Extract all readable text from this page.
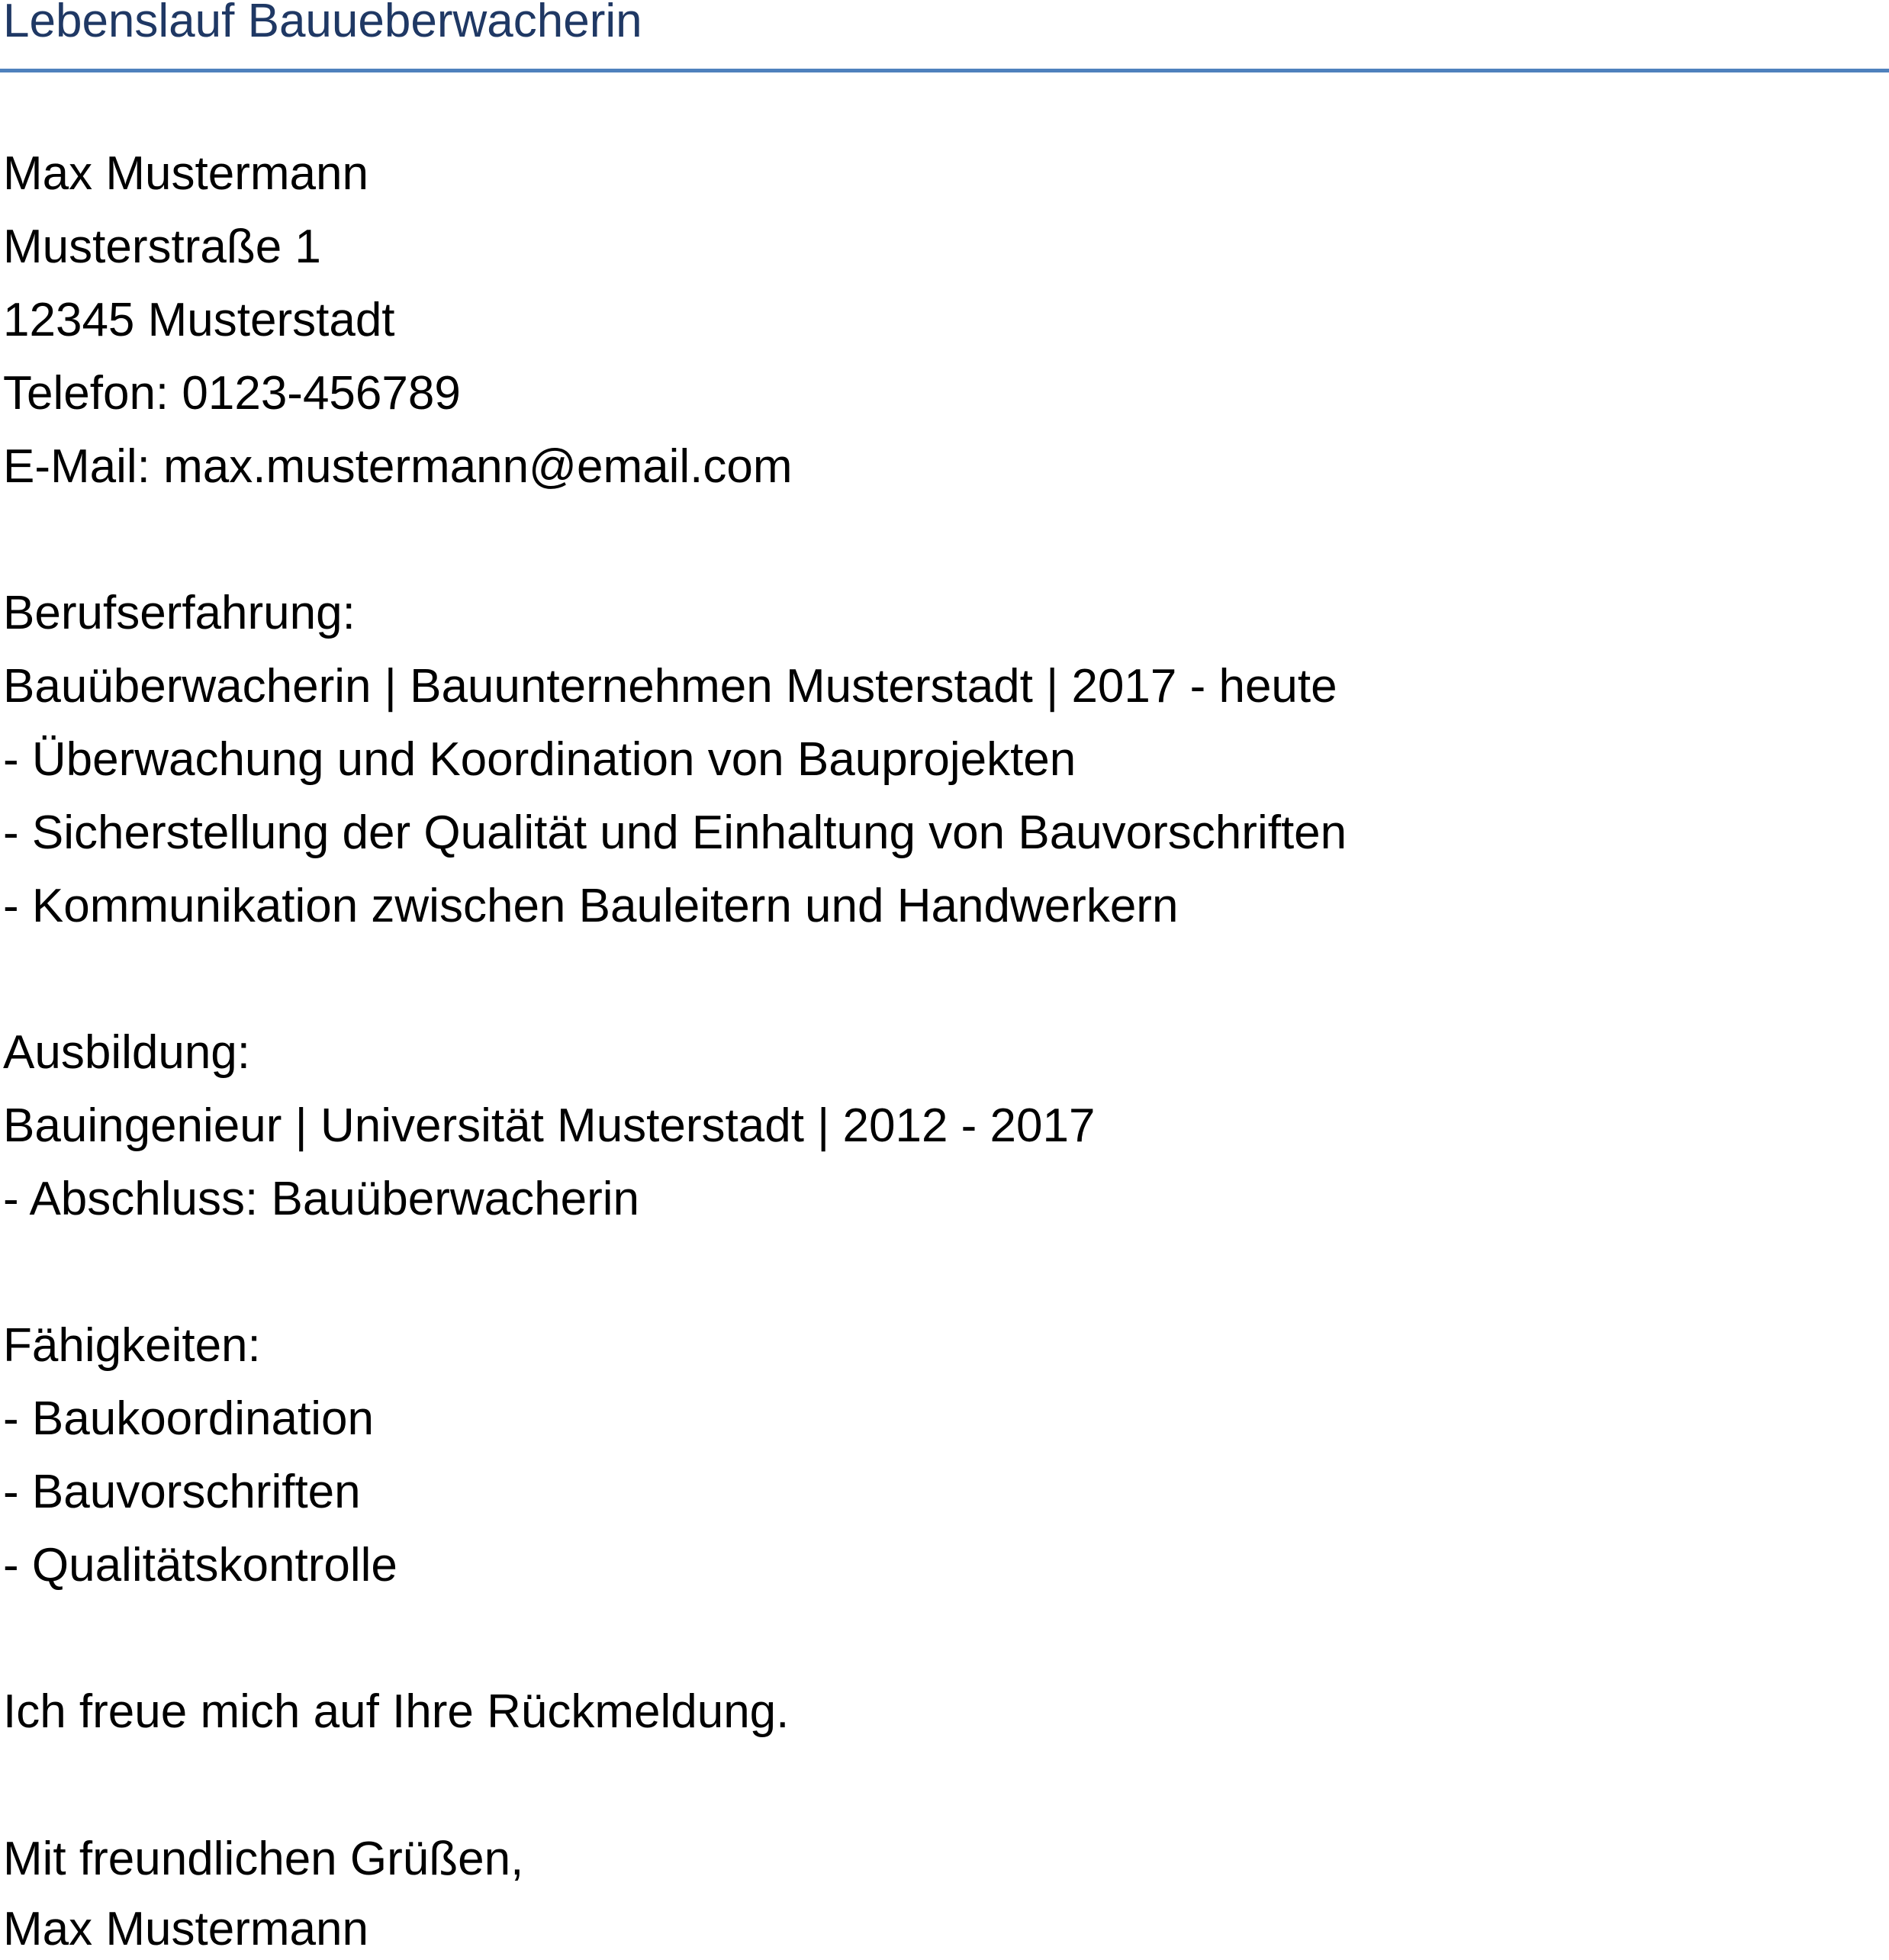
Lebenslauf Bauueberwacherin
Max Mustermann
Musterstraße 1
12345 Musterstadt
Telefon: 0123-456789
E-Mail: max.mustermann@email.com
Berufserfahrung:
Bauüberwacherin | Bauunternehmen Musterstadt | 2017 - heute
- Überwachung und Koordination von Bauprojekten
- Sicherstellung der Qualität und Einhaltung von Bauvorschriften
- Kommunikation zwischen Bauleitern und Handwerkern
Ausbildung:
Bauingenieur | Universität Musterstadt | 2012 - 2017
- Abschluss: Bauüberwacherin
Fähigkeiten:
- Baukoordination
- Bauvorschriften
- Qualitätskontrolle
Ich freue mich auf Ihre Rückmeldung.
Mit freundlichen Grüßen,
Max Mustermann
